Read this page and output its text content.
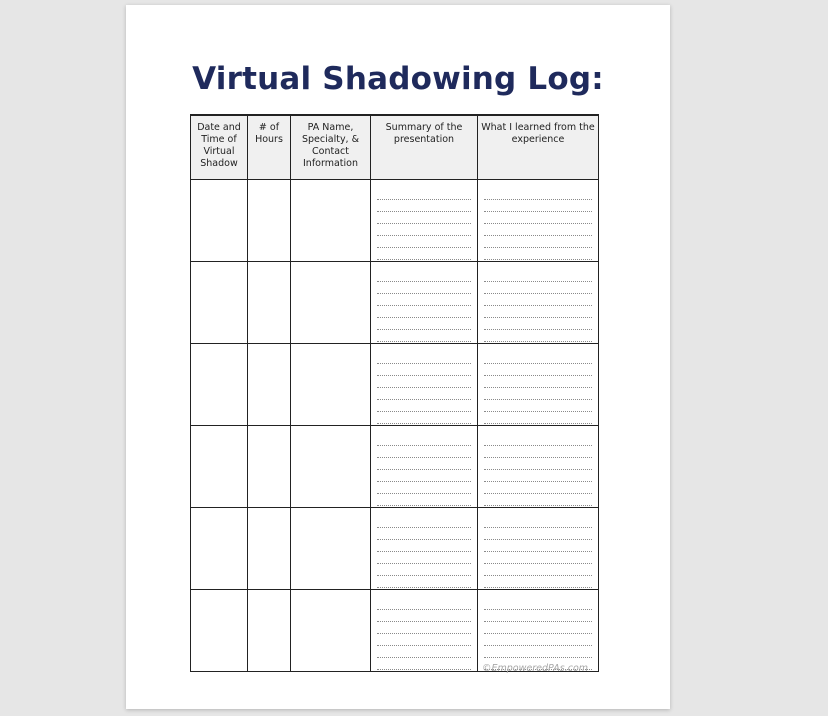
Virtual Shadowing Log:
Date and Time of Virtual Shadow	# of Hours	PA Name, Specialty, & Contact Information	Summary of the presentation	What I learned from the experience

©EmpoweredPAs.com
